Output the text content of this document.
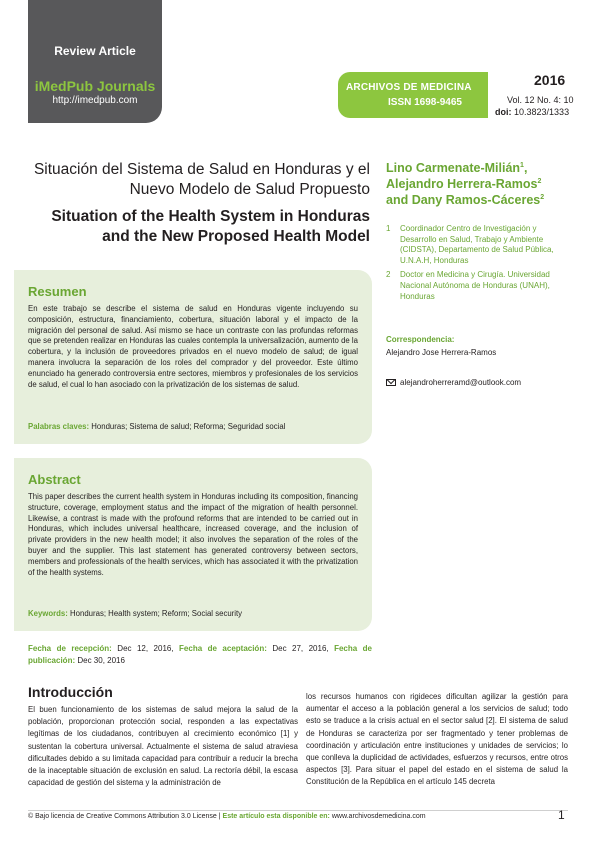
Review Article
iMedPub Journals
http://imedpub.com
ARCHIVOS DE MEDICINA
ISSN 1698-9465
2016
Vol. 12 No. 4: 10
doi: 10.3823/1333
Situación del Sistema de Salud en Honduras y el Nuevo Modelo de Salud Propuesto
Situation of the Health System in Honduras and the New Proposed Health Model
Lino Carmenate-Milián$^1$,
Alejandro Herrera-Ramos$^2$
and Dany Ramos-Cáceres$^2$
1 Coordinador Centro de Investigación y Desarrollo en Salud, Trabajo y Ambiente (CIDSTA), Departamento de Salud Pública, U.N.A.H, Honduras
2 Doctor en Medicina y Cirugía. Universidad Nacional Autónoma de Honduras (UNAH), Honduras
Correspondencia:
Alejandro Jose Herrera-Ramos
alejandroherreramd@outlook.com
Resumen
En este trabajo se describe el sistema de salud en Honduras vigente incluyendo su composición, estructura, financiamiento, cobertura, situación laboral y el impacto de la migración del personal de salud. Así mismo se hace un contraste con las profundas reformas que se pretenden realizar en Honduras las cuales contempla la universalización, aumento de la cobertura, y la inclusión de proveedores privados en el nuevo modelo de salud; de igual manera involucra la separación de los roles del comprador y del proveedor. Este último enunciado ha generado controversia entre sectores, miembros y profesionales de los servicios de salud, el cual lo han asociado con la privatización de los sistemas de salud.
Palabras claves: Honduras; Sistema de salud; Reforma; Seguridad social
Abstract
This paper describes the current health system in Honduras including its composition, financing structure, coverage, employment status and the impact of the migration of health personnel. Likewise, a contrast is made with the profound reforms that are intended to be carried out in Honduras, which includes universal healthcare, increased coverage, and the inclusion of private providers in the new health model; it also involves the separation of the roles of the buyer and the supplier. This last statement has generated controversy between sectors, members and professionals of the health services, which has associated it with the privatization of the health systems.
Keywords: Honduras; Health system; Reform; Social security
Fecha de recepción: Dec 12, 2016, Fecha de aceptación: Dec 27, 2016, Fecha de publicación: Dec 30, 2016
Introducción
El buen funcionamiento de los sistemas de salud mejora la salud de la población, proporcionan protección social, responden a las expectativas legítimas de los ciudadanos, contribuyen al crecimiento económico [1] y sustentan la cobertura universal. Actualmente el sistema de salud atraviesa dificultades debido a su limitada capacidad para contribuir a reducir la brecha de la inaceptable situación de exclusión en salud. La rectoría débil, la escasa capacidad de gestión del sistema y la administración de
los recursos humanos con rigideces dificultan agilizar la gestión para aumentar el acceso a la población general a los servicios de salud; todo esto se traduce a la crisis actual en el sector salud [2]. El sistema de salud de Honduras se caracteriza por ser fragmentado y tener problemas de coordinación y articulación entre instituciones y unidades de servicios; lo que conlleva la duplicidad de actividades, esfuerzos y recursos, entre otros aspectos [3]. Para situar el papel del estado en el sistema de salud la Constitución de la República en el artículo 145 decreta
© Bajo licencia de Creative Commons Attribution 3.0 License | Este artículo esta disponible en: www.archivosdemedicina.com	1
